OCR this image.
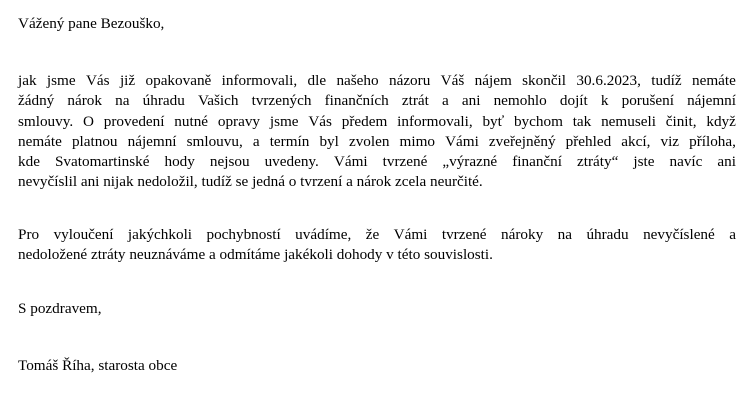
Vážený pane Bezouško,

jak jsme Vás již opakovaně informovali, dle našeho názoru Váš nájem skončil 30.6.2023, tudíž nemáte
žádný nárok na úhradu Vašich tvrzených finančních ztrát a ani nemohlo dojít k porušení nájemní
smlouvy. O provedení nutné opravy jsme Vás předem informovali, byť bychom tak nemuseli činit, když
nemáte platnou nájemní smlouvu, a termín byl zvolen mimo Vámi zveřejněný přehled akcí, viz příloha,
kde Svatomartinské hody nejsou uvedeny. Vámi tvrzené „výrazné finanční ztráty“ jste navíc ani
nevyčíslil ani nijak nedoložil, tudíž se jedná o tvrzení a nárok zcela neurčité.
Pro vyloučení jakýchkoli pochybností uvádíme, že Vámi tvrzené nároky na úhradu nevyčíslené a
nedoložené ztráty neuznáváme a odmítáme jakékoli dohody v této souvislosti.

S pozdravem,

Tomáš Říha, starosta obce
